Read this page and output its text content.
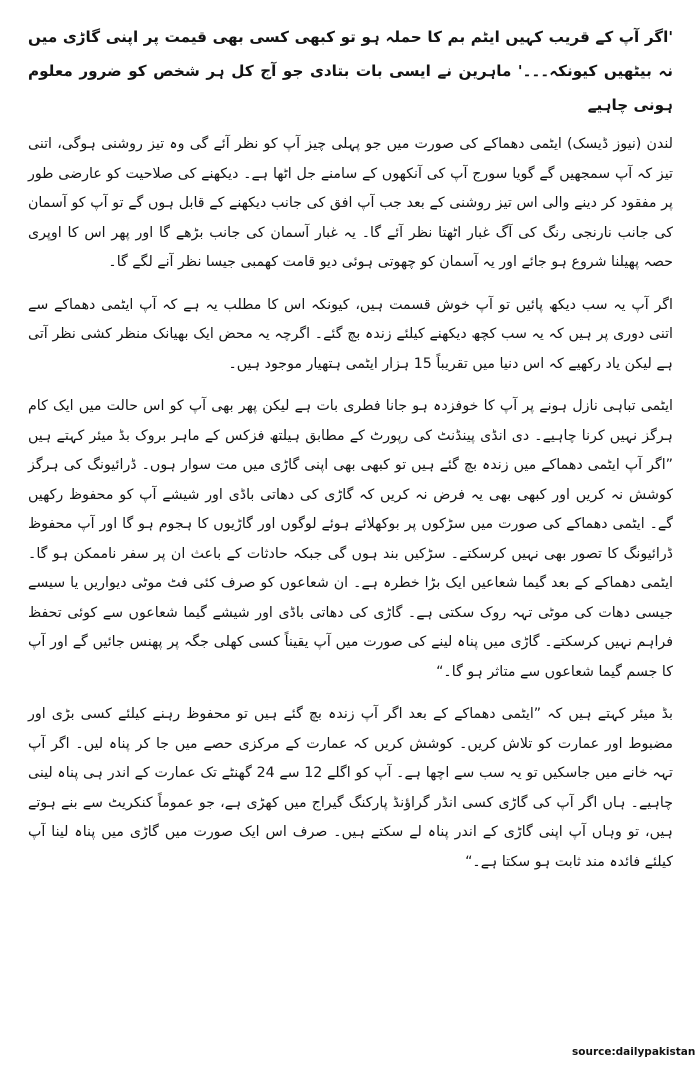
'اگر آپ کے قریب کہیں ایٹم بم کا حملہ ہو تو کبھی کسی بھی قیمت پر اپنی گاڑی میں نہ بیٹھیں کیونکہ۔۔۔' ماہرین نے ایسی بات بتادی جو آج کل ہر شخص کو ضرور معلوم ہونی چاہیے

لندن (نیوز ڈیسک) ایٹمی دھماکے کی صورت میں جو پہلی چیز آپ کو نظر آئے گی وہ تیز روشنی ہوگی، اتنی تیز کہ آپ سمجھیں گے گویا سورج آپ کی آنکھوں کے سامنے جل اٹھا ہے۔ دیکھنے کی صلاحیت کو عارضی طور پر مفقود کر دینے والی اس تیز روشنی کے بعد جب آپ افق کی جانب دیکھنے کے قابل ہوں گے تو آپ کو آسمان کی جانب نارنجی رنگ کی آگ غبار اٹھتا نظر آئے گا۔ یہ غبار آسمان کی جانب بڑھے گا اور پھر اس کا اوپری حصہ پھیلنا شروع ہو جائے اور یہ آسمان کو چھوتی ہوئی دیو قامت کھمبی جیسا نظر آنے لگے گا۔

اگر آپ یہ سب دیکھ پائیں تو آپ خوش قسمت ہیں، کیونکہ اس کا مطلب یہ ہے کہ آپ ایٹمی دھماکے سے اتنی دوری پر ہیں کہ یہ سب کچھ دیکھنے کیلئے زندہ بچ گئے۔ اگرچہ یہ محض ایک بھیانک منظر کشی نظر آتی ہے لیکن یاد رکھیے کہ اس دنیا میں تقریباً 15 ہزار ایٹمی ہتھیار موجود ہیں۔

ایٹمی تباہی نازل ہونے پر آپ کا خوفزدہ ہو جانا فطری بات ہے لیکن پھر بھی آپ کو اس حالت میں ایک کام ہرگز نہیں کرنا چاہیے۔ دی انڈی پینڈنٹ کی رپورٹ کے مطابق ہیلتھ فزکس کے ماہر بروک بڈ میئر کہتے ہیں ”اگر آپ ایٹمی دھماکے میں زندہ بچ گئے ہیں تو کبھی بھی اپنی گاڑی میں مت سوار ہوں۔ ڈرائیونگ کی ہرگز کوشش نہ کریں اور کبھی بھی یہ فرض نہ کریں کہ گاڑی کی دھاتی باڈی اور شیشے آپ کو محفوظ رکھیں گے۔ ایٹمی دھماکے کی صورت میں سڑکوں پر بوکھلائے ہوئے لوگوں اور گاڑیوں کا ہجوم ہو گا اور آپ محفوظ ڈرائیونگ کا تصور بھی نہیں کرسکتے۔ سڑکیں بند ہوں گی جبکہ حادثات کے باعث ان پر سفر ناممکن ہو گا۔ ایٹمی دھماکے کے بعد گیما شعاعیں ایک بڑا خطرہ ہے۔ ان شعاعوں کو صرف کئی فٹ موٹی دیواریں یا سیسے جیسی دھات کی موٹی تہہ روک سکتی ہے۔ گاڑی کی دھاتی باڈی اور شیشے گیما شعاعوں سے کوئی تحفظ فراہم نہیں کرسکتے۔ گاڑی میں پناہ لینے کی صورت میں آپ یقیناً کسی کھلی جگہ پر پھنس جائیں گے اور آپ کا جسم گیما شعاعوں سے متاثر ہو گا۔“

بڈ میئر کہتے ہیں کہ ”ایٹمی دھماکے کے بعد اگر آپ زندہ بچ گئے ہیں تو محفوظ رہنے کیلئے کسی بڑی اور مضبوط اور عمارت کو تلاش کریں۔ کوشش کریں کہ عمارت کے مرکزی حصے میں جا کر پناہ لیں۔ اگر آپ تہہ خانے میں جاسکیں تو یہ سب سے اچھا ہے۔ آپ کو اگلے 12 سے 24 گھنٹے تک عمارت کے اندر ہی پناہ لینی چاہیے۔ ہاں اگر آپ کی گاڑی کسی انڈر گراؤنڈ پارکنگ گیراج میں کھڑی ہے، جو عموماً کنکریٹ سے بنے ہوتے ہیں، تو وہاں آپ اپنی گاڑی کے اندر پناہ لے سکتے ہیں۔ صرف اس ایک صورت میں گاڑی میں پناہ لینا آپ کیلئے فائدہ مند ثابت ہو سکتا ہے۔“

source:dailypakistan
